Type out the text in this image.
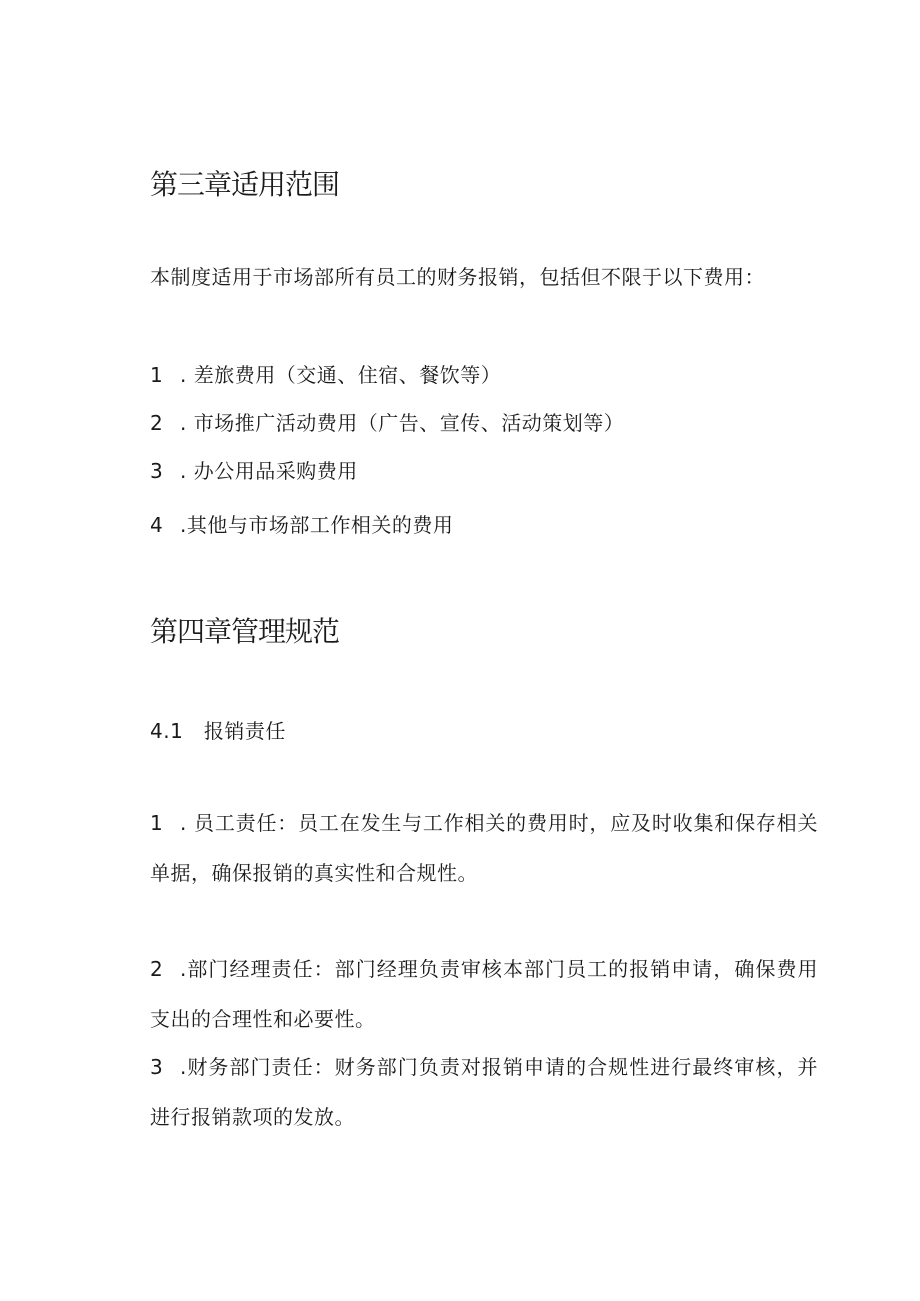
第三章适用范围
本制度适用于市场部所有员工的财务报销，包括但不限于以下费用：
1 . 差旅费用（交通、住宿、餐饮等）
2 . 市场推广活动费用（广告、宣传、活动策划等）
3 . 办公用品采购费用
4 .其他与市场部工作相关的费用
第四章管理规范
4.1 报销责任
1 . 员工责任：员工在发生与工作相关的费用时，应及时收集和保存相关单据，确保报销的真实性和合规性。
2 .部门经理责任：部门经理负责审核本部门员工的报销申请，确保费用支出的合理性和必要性。
3 .财务部门责任：财务部门负责对报销申请的合规性进行最终审核，并进行报销款项的发放。
